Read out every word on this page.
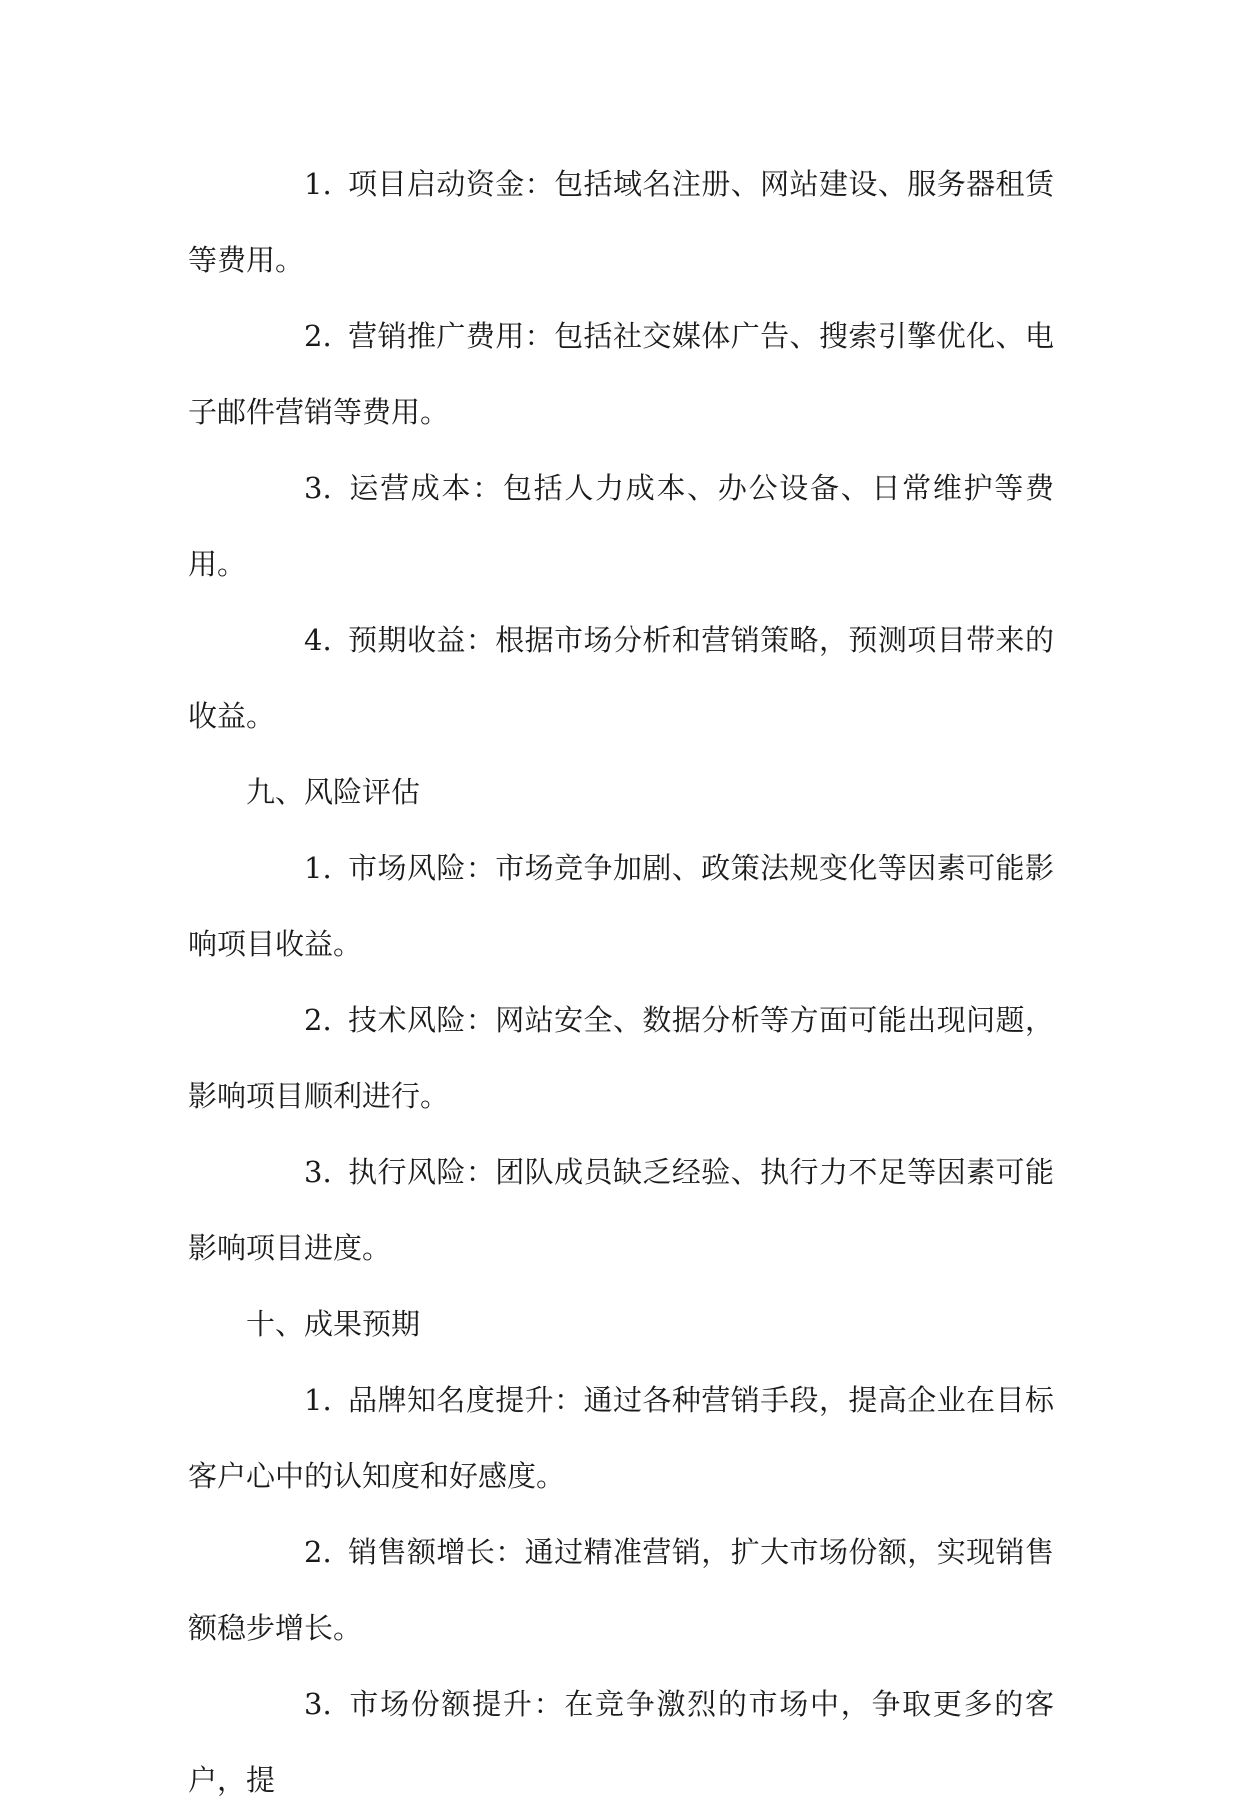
1. 项目启动资金：包括域名注册、网站建设、服务器租赁等费用。

2. 营销推广费用：包括社交媒体广告、搜索引擎优化、电子邮件营销等费用。

3. 运营成本：包括人力成本、办公设备、日常维护等费用。

4. 预期收益：根据市场分析和营销策略，预测项目带来的收益。

九、风险评估

1. 市场风险：市场竞争加剧、政策法规变化等因素可能影响项目收益。

2. 技术风险：网站安全、数据分析等方面可能出现问题，影响项目顺利进行。

3. 执行风险：团队成员缺乏经验、执行力不足等因素可能影响项目进度。

十、成果预期

1. 品牌知名度提升：通过各种营销手段，提高企业在目标客户心中的认知度和好感度。

2. 销售额增长：通过精准营销，扩大市场份额，实现销售额稳步增长。

3. 市场份额提升：在竞争激烈的市场中，争取更多的客户，提
